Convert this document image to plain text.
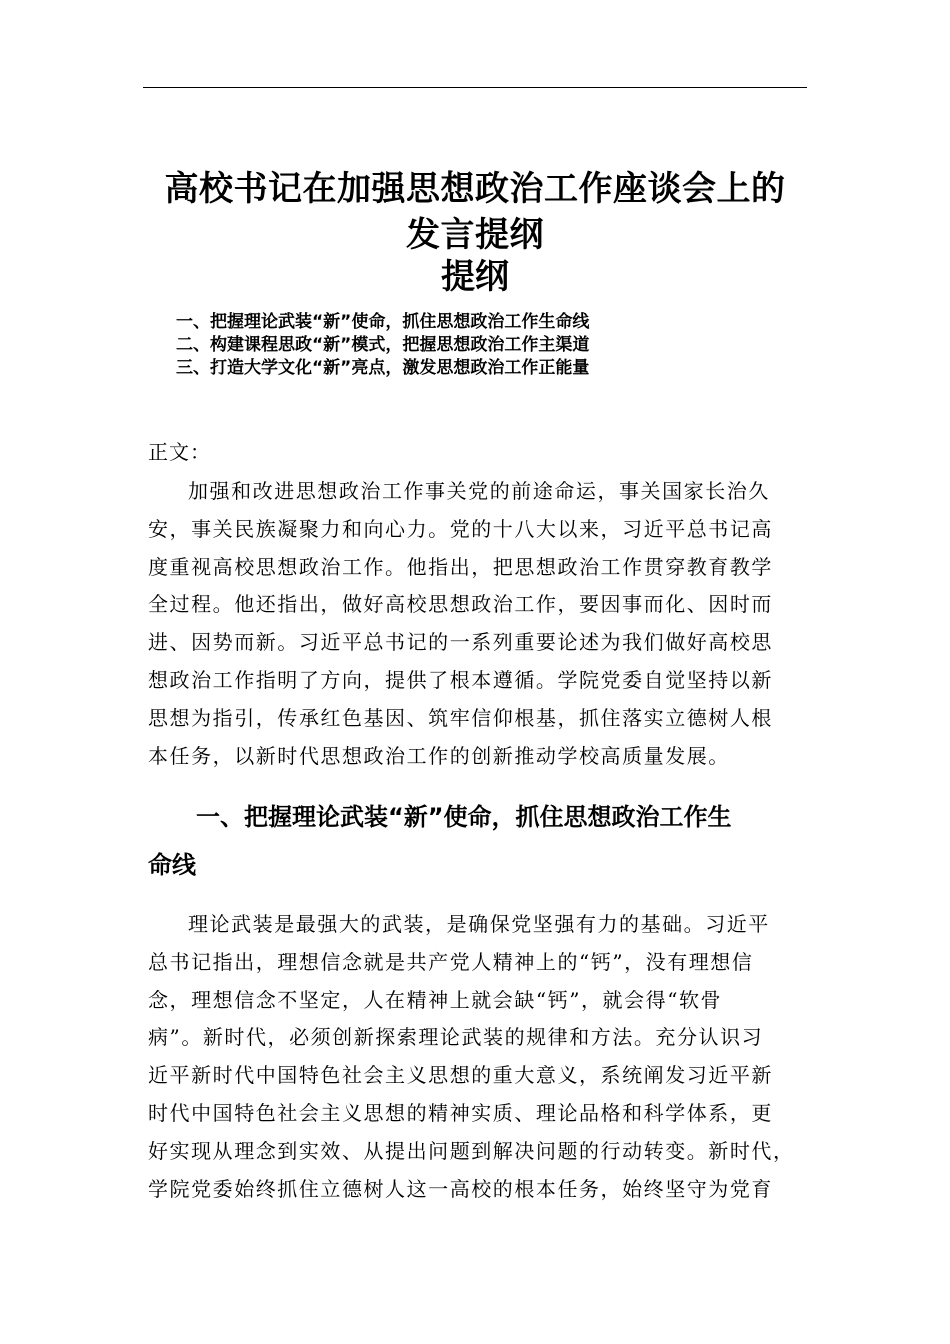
高校书记在加强思想政治工作座谈会上的
发言提纲
提纲
一、把握理论武装“新”使命，抓住思想政治工作生命线
二、构建课程思政“新”模式，把握思想政治工作主渠道
三、打造大学文化“新”亮点，激发思想政治工作正能量
正文：
加强和改进思想政治工作事关党的前途命运，事关国家长治久
安，事关民族凝聚力和向心力。党的十八大以来，习近平总书记高
度重视高校思想政治工作。他指出，把思想政治工作贯穿教育教学
全过程。他还指出，做好高校思想政治工作，要因事而化、因时而
进、因势而新。习近平总书记的一系列重要论述为我们做好高校思
想政治工作指明了方向，提供了根本遵循。学院党委自觉坚持以新
思想为指引，传承红色基因、筑牢信仰根基，抓住落实立德树人根
本任务，以新时代思想政治工作的创新推动学校高质量发展。
一、把握理论武装“新”使命，抓住思想政治工作生
命线
理论武装是最强大的武装，是确保党坚强有力的基础。习近平
总书记指出，理想信念就是共产党人精神上的“钙”，没有理想信
念，理想信念不坚定，人在精神上就会缺“钙”，就会得“软骨
病”。新时代，必须创新探索理论武装的规律和方法。充分认识习
近平新时代中国特色社会主义思想的重大意义，系统阐发习近平新
时代中国特色社会主义思想的精神实质、理论品格和科学体系，更
好实现从理念到实效、从提出问题到解决问题的行动转变。新时代，
学院党委始终抓住立德树人这一高校的根本任务，始终坚守为党育
